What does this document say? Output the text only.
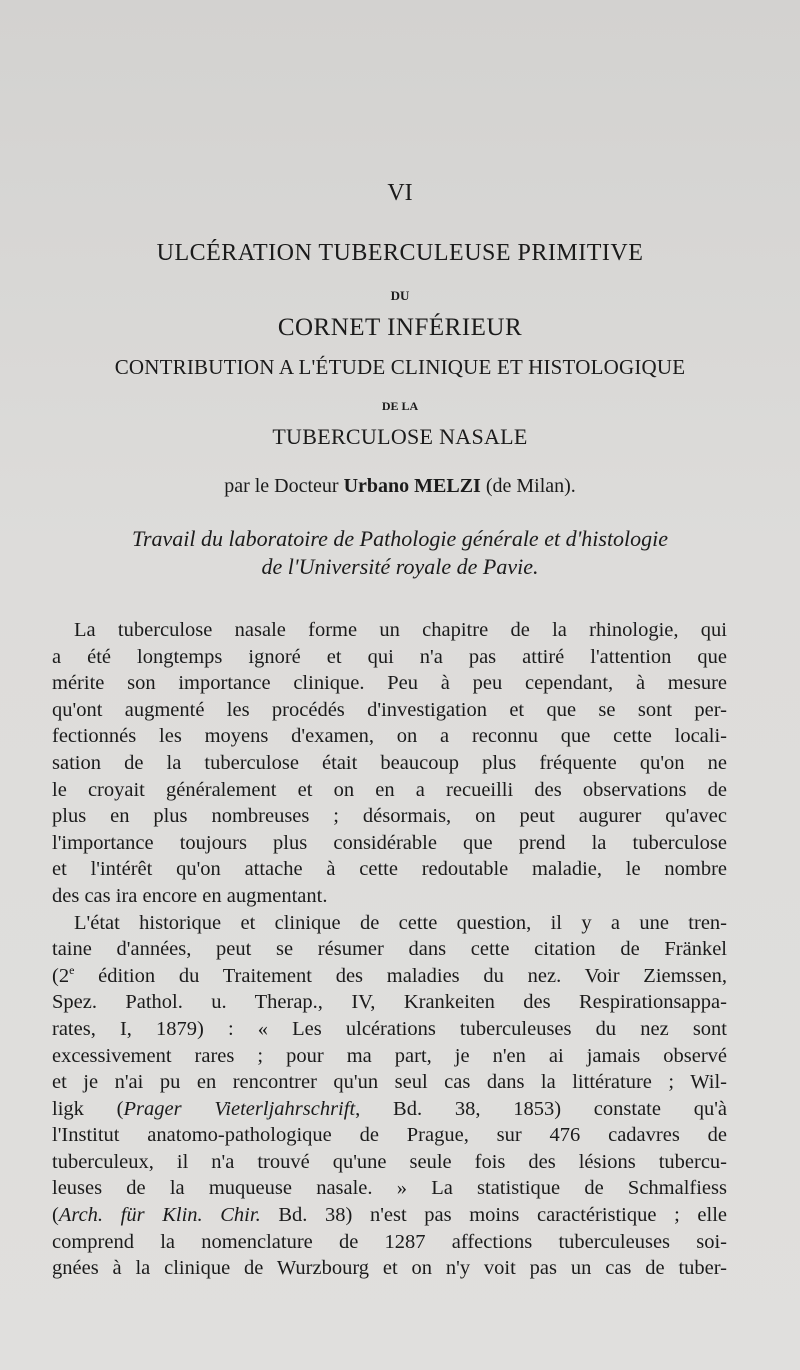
VI
ULCÉRATION TUBERCULEUSE PRIMITIVE
DU
CORNET INFÉRIEUR
CONTRIBUTION A L'ÉTUDE CLINIQUE ET HISTOLOGIQUE
DE LA
TUBERCULOSE NASALE
par le Docteur Urbano MELZI (de Milan).
Travail du laboratoire de Pathologie générale et d'histologie
de l'Université royale de Pavie.

La tuberculose nasale forme un chapitre de la rhinologie, qui

a été longtemps ignoré et qui n'a pas attiré l'attention que

mérite son importance clinique. Peu à peu cependant, à mesure

qu'ont augmenté les procédés d'investigation et que se sont per-

fectionnés les moyens d'examen, on a reconnu que cette locali-

sation de la tuberculose était beaucoup plus fréquente qu'on ne

le croyait généralement et on en a recueilli des observations de

plus en plus nombreuses ; désormais, on peut augurer qu'avec

l'importance toujours plus considérable que prend la tuberculose

et l'intérêt qu'on attache à cette redoutable maladie, le nombre

des cas ira encore en augmentant.

L'état historique et clinique de cette question, il y a une tren-

taine d'années, peut se résumer dans cette citation de Fränkel

(2e édition du Traitement des maladies du nez. Voir Ziemssen,

Spez. Pathol. u. Therap., IV, Krankeiten des Respirationsappa-

rates, I, 1879) : « Les ulcérations tuberculeuses du nez sont

excessivement rares ; pour ma part, je n'en ai jamais observé

et je n'ai pu en rencontrer qu'un seul cas dans la littérature ; Wil-

ligk (Prager Vieterljahrschrift, Bd. 38, 1853) constate qu'à

l'Institut anatomo-pathologique de Prague, sur 476 cadavres de

tuberculeux, il n'a trouvé qu'une seule fois des lésions tubercu-

leuses de la muqueuse nasale. » La statistique de Schmalfiess

(Arch. für Klin. Chir. Bd. 38) n'est pas moins caractéristique ; elle

comprend la nomenclature de 1287 affections tuberculeuses soi-

gnées à la clinique de Wurzbourg et on n'y voit pas un cas de tuber-
